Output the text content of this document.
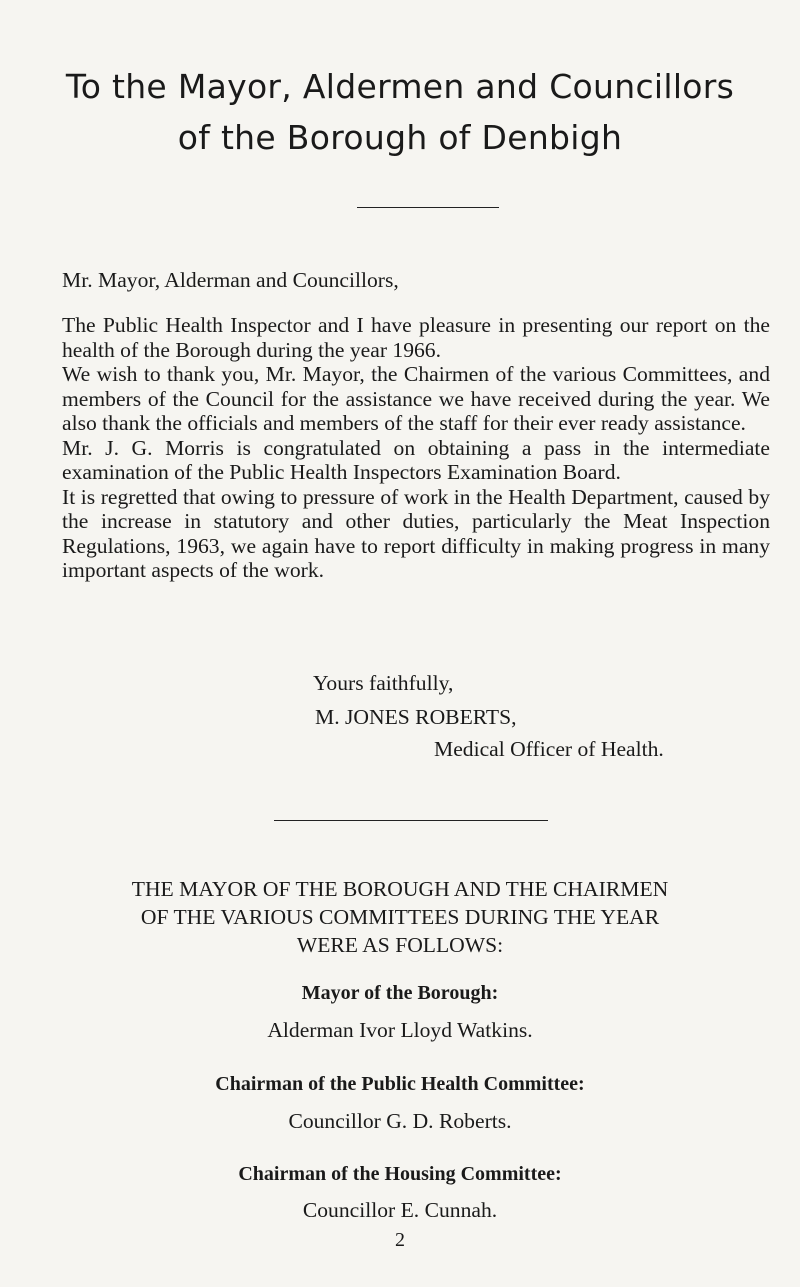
To the Mayor, Aldermen and Councillors
of the Borough of Denbigh
Mr. Mayor, Alderman and Councillors,

The Public Health Inspector and I have pleasure in presenting our report on the health of the Borough during the year 1966.

We wish to thank you, Mr. Mayor, the Chairmen of the various Committees, and members of the Council for the assistance we have received during the year. We also thank the officials and members of the staff for their ever ready assistance.

Mr. J. G. Morris is congratulated on obtaining a pass in the intermediate examination of the Public Health Inspectors Examination Board.

It is regretted that owing to pressure of work in the Health Department, caused by the increase in statutory and other duties, particularly the Meat Inspection Regulations, 1963, we again have to report difficulty in making progress in many important aspects of the work.

Yours faithfully,
M. JONES ROBERTS,
Medical Officer of Health.
THE MAYOR OF THE BOROUGH AND THE CHAIRMEN
OF THE VARIOUS COMMITTEES DURING THE YEAR
WERE AS FOLLOWS:
Mayor of the Borough:
Alderman Ivor Lloyd Watkins.
Chairman of the Public Health Committee:
Councillor G. D. Roberts.
Chairman of the Housing Committee:
Councillor E. Cunnah.
2
